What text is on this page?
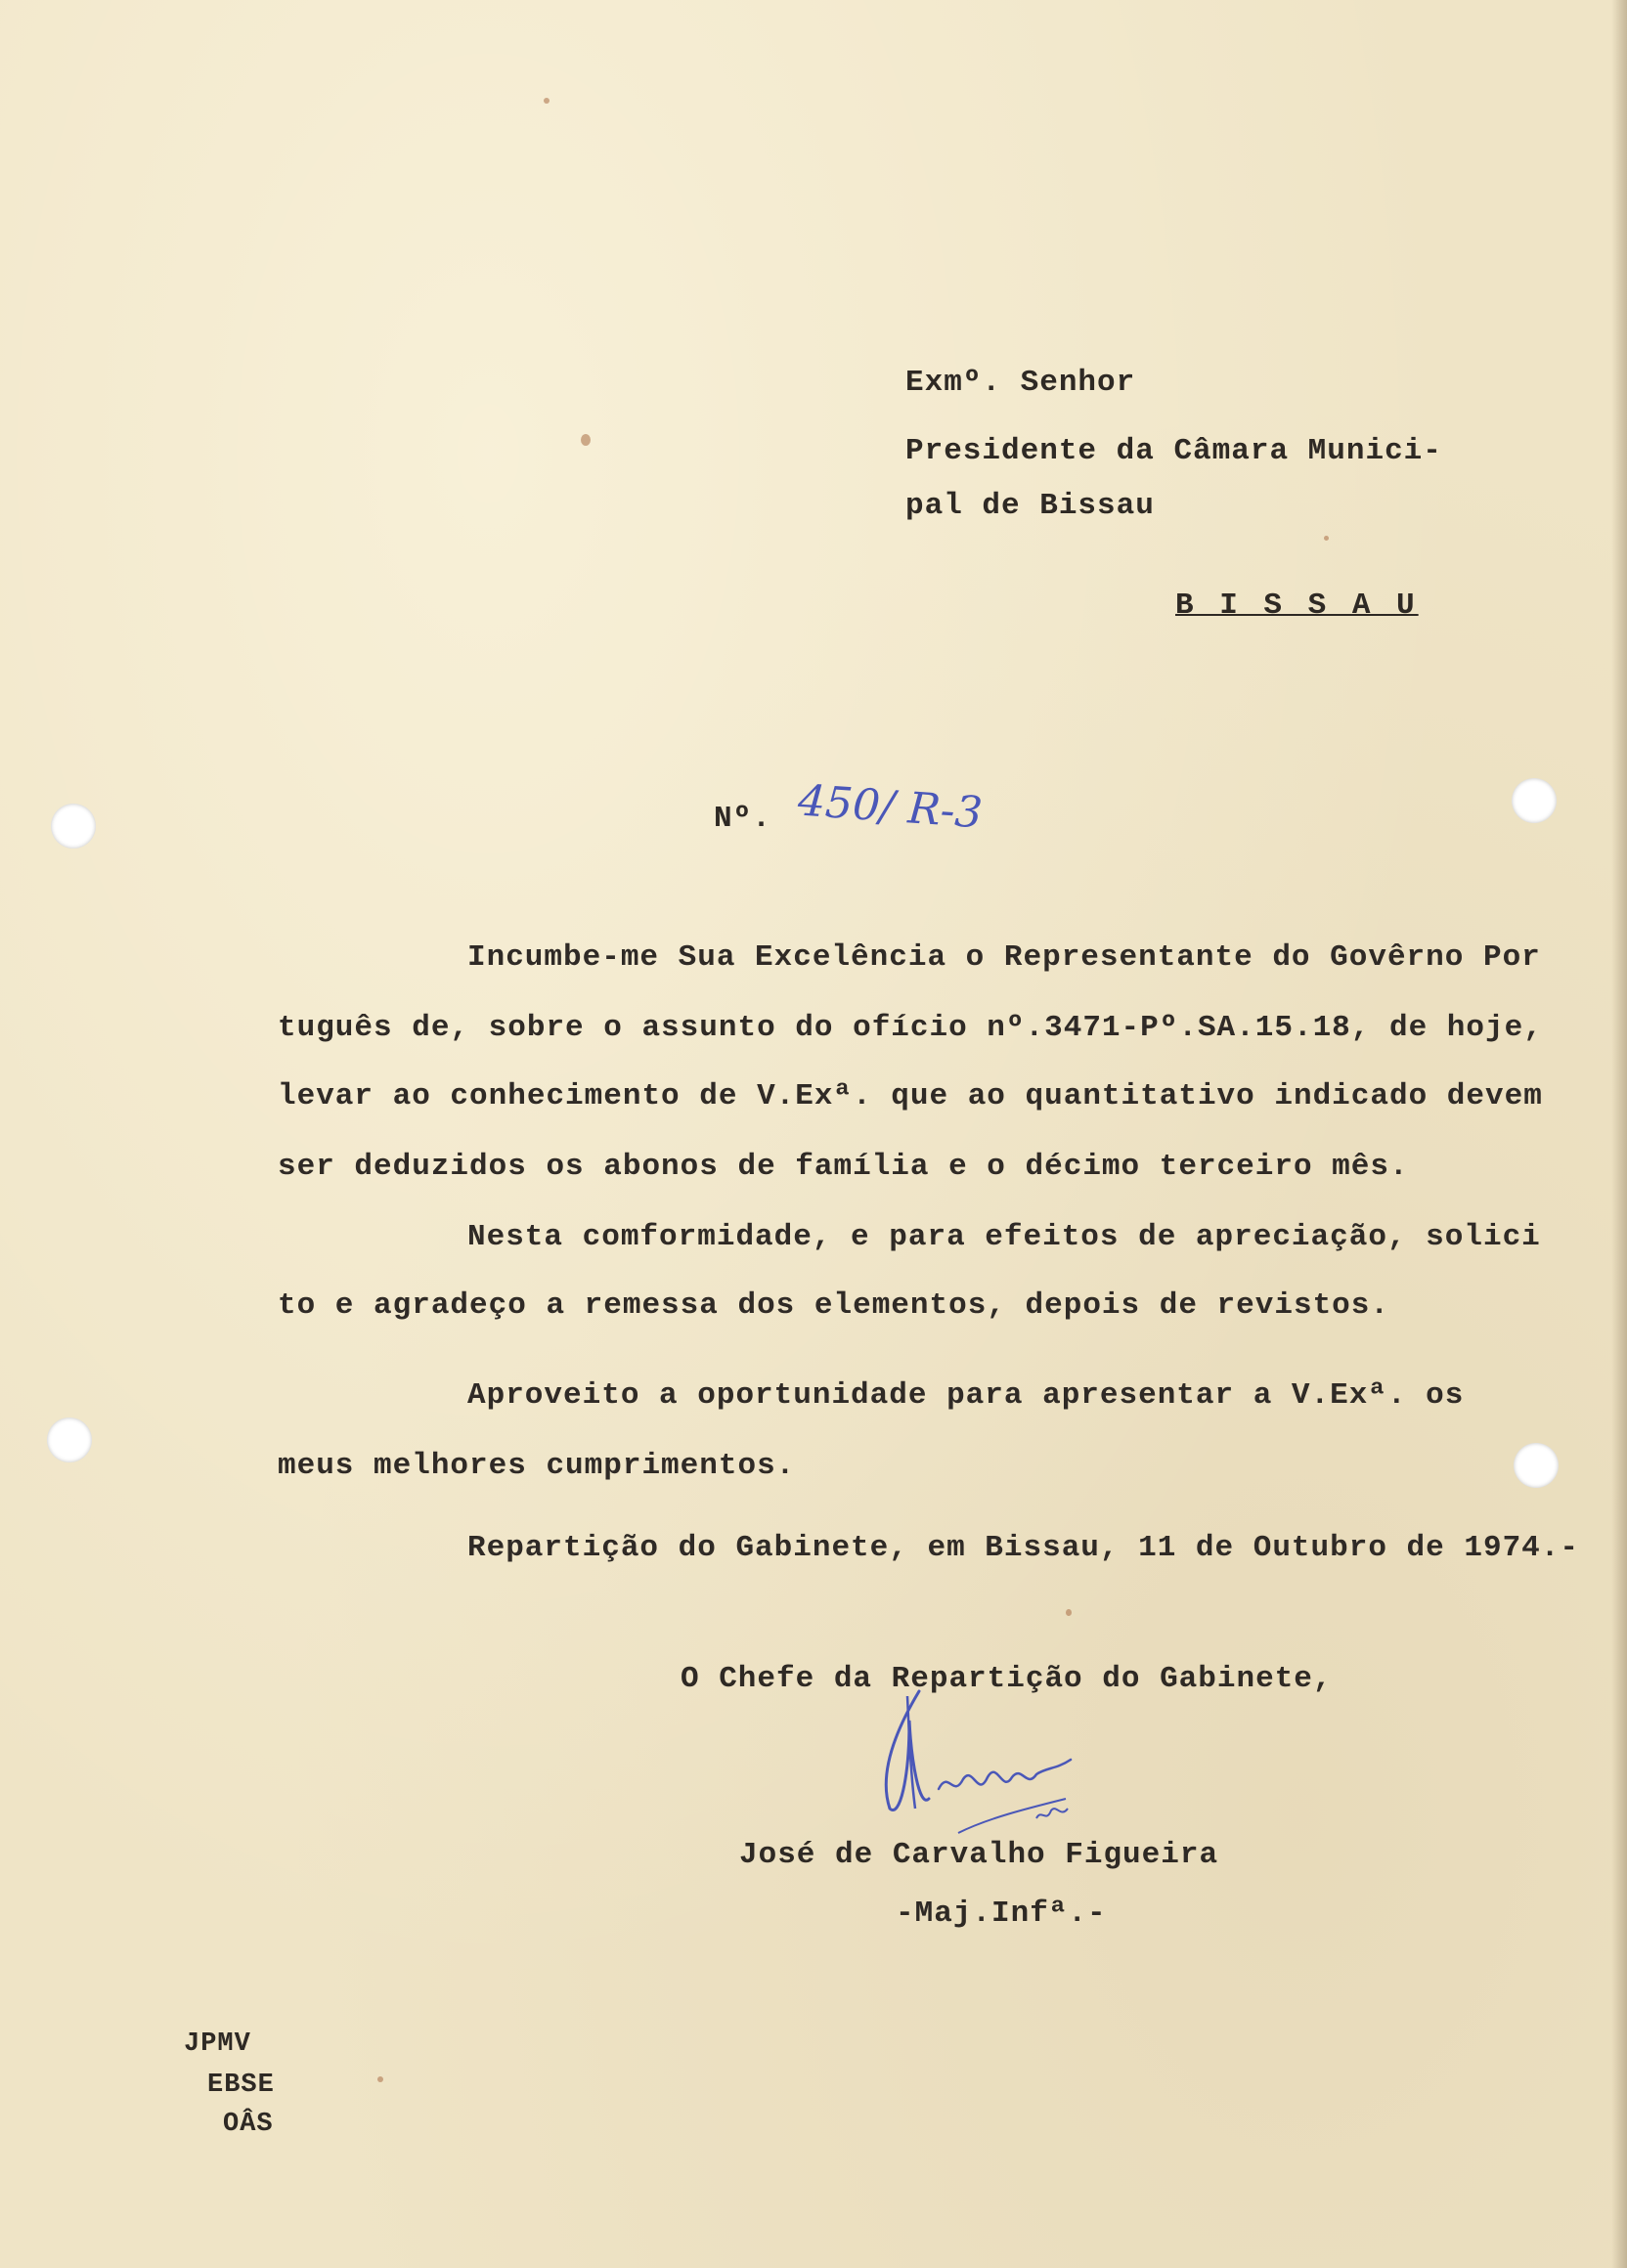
Exmº. Senhor
Presidente da Câmara Munici-
pal de Bissau
B I S S A U
Nº. 450/ R-3
Incumbe-me Sua Excelência o Representante do Govêrno Por
tuguês de, sobre o assunto do ofício nº.3471-Pº.SA.15.18, de hoje,
levar ao conhecimento de V.Exª. que ao quantitativo indicado devem
ser deduzidos os abonos de família e o décimo terceiro mês.
Nesta comformidade, e para efeitos de apreciação, solici
to e agradeço a remessa dos elementos, depois de revistos.
Aproveito a oportunidade para apresentar a V.Exª. os
meus melhores cumprimentos.
Repartição do Gabinete, em Bissau, 11 de Outubro de 1974.-
O Chefe da Repartição do Gabinete,
José de Carvalho Figueira
-Maj.Infª.-
JPMV
EBSE
OÂS
